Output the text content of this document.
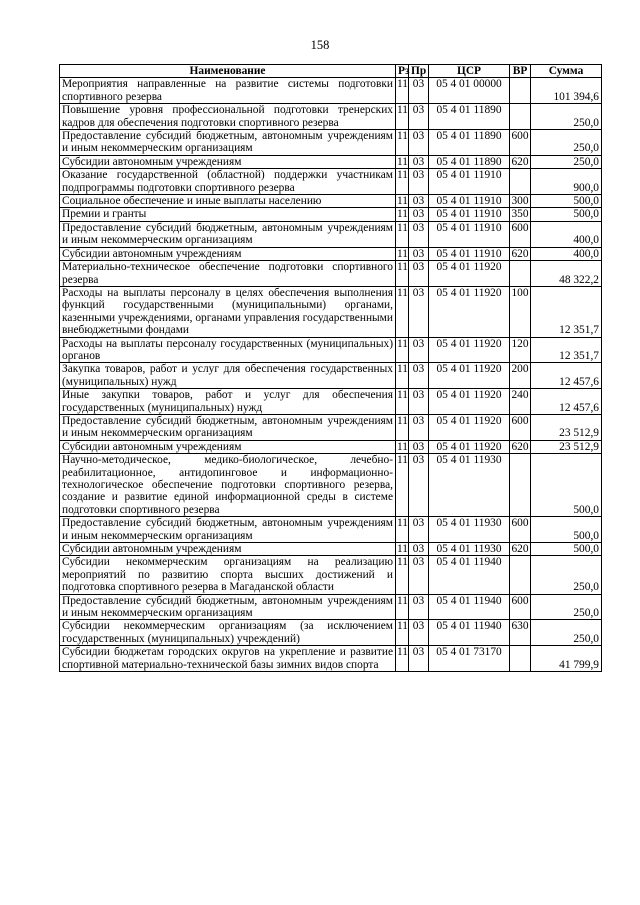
158
Наименование	Рз	Пр	ЦСР	ВР	Сумма
Мероприятия направленные на развитие системы подготовки спортивного резерва	11	03	05 4 01 00000		101 394,6
Повышение уровня профессиональной подготовки тренерских кадров для обеспечения подготовки спортивного резерва	11	03	05 4 01 11890		250,0
Предоставление субсидий бюджетным, автономным учреждениям и иным некоммерческим организациям	11	03	05 4 01 11890	600	250,0
Субсидии автономным учреждениям	11	03	05 4 01 11890	620	250,0
Оказание государственной (областной) поддержки участникам подпрограммы подготовки спортивного резерва	11	03	05 4 01 11910		900,0
Социальное обеспечение и иные выплаты населению	11	03	05 4 01 11910	300	500,0
Премии и гранты	11	03	05 4 01 11910	350	500,0
Предоставление субсидий бюджетным, автономным учреждениям и иным некоммерческим организациям	11	03	05 4 01 11910	600	400,0
Субсидии автономным учреждениям	11	03	05 4 01 11910	620	400,0
Материально-техническое обеспечение подготовки спортивного резерва	11	03	05 4 01 11920		48 322,2
Расходы на выплаты персоналу в целях обеспечения выполнения функций государственными (муниципальными) органами, казенными учреждениями, органами управления государственными внебюджетными фондами	11	03	05 4 01 11920	100	12 351,7
Расходы на выплаты персоналу государственных (муниципальных) органов	11	03	05 4 01 11920	120	12 351,7
Закупка товаров, работ и услуг для обеспечения государственных (муниципальных) нужд	11	03	05 4 01 11920	200	12 457,6
Иные закупки товаров, работ и услуг для обеспечения государственных (муниципальных) нужд	11	03	05 4 01 11920	240	12 457,6
Предоставление субсидий бюджетным, автономным учреждениям и иным некоммерческим организациям	11	03	05 4 01 11920	600	23 512,9
Субсидии автономным учреждениям	11	03	05 4 01 11920	620	23 512,9
Научно-методическое, медико-биологическое, лечебно-реабилитационное, антидопинговое и информационно-технологическое обеспечение подготовки спортивного резерва, создание и развитие единой информационной среды в системе подготовки спортивного резерва	11	03	05 4 01 11930		500,0
Предоставление субсидий бюджетным, автономным учреждениям и иным некоммерческим организациям	11	03	05 4 01 11930	600	500,0
Субсидии автономным учреждениям	11	03	05 4 01 11930	620	500,0
Субсидии некоммерческим организациям на реализацию мероприятий по развитию спорта высших достижений и подготовка спортивного резерва в Магаданской области	11	03	05 4 01 11940		250,0
Предоставление субсидий бюджетным, автономным учреждениям и иным некоммерческим организациям	11	03	05 4 01 11940	600	250,0
Субсидии некоммерческим организациям (за исключением государственных (муниципальных) учреждений)	11	03	05 4 01 11940	630	250,0
Субсидии бюджетам городских округов на укрепление и развитие спортивной материально-технической базы зимних видов спорта	11	03	05 4 01 73170		41 799,9
